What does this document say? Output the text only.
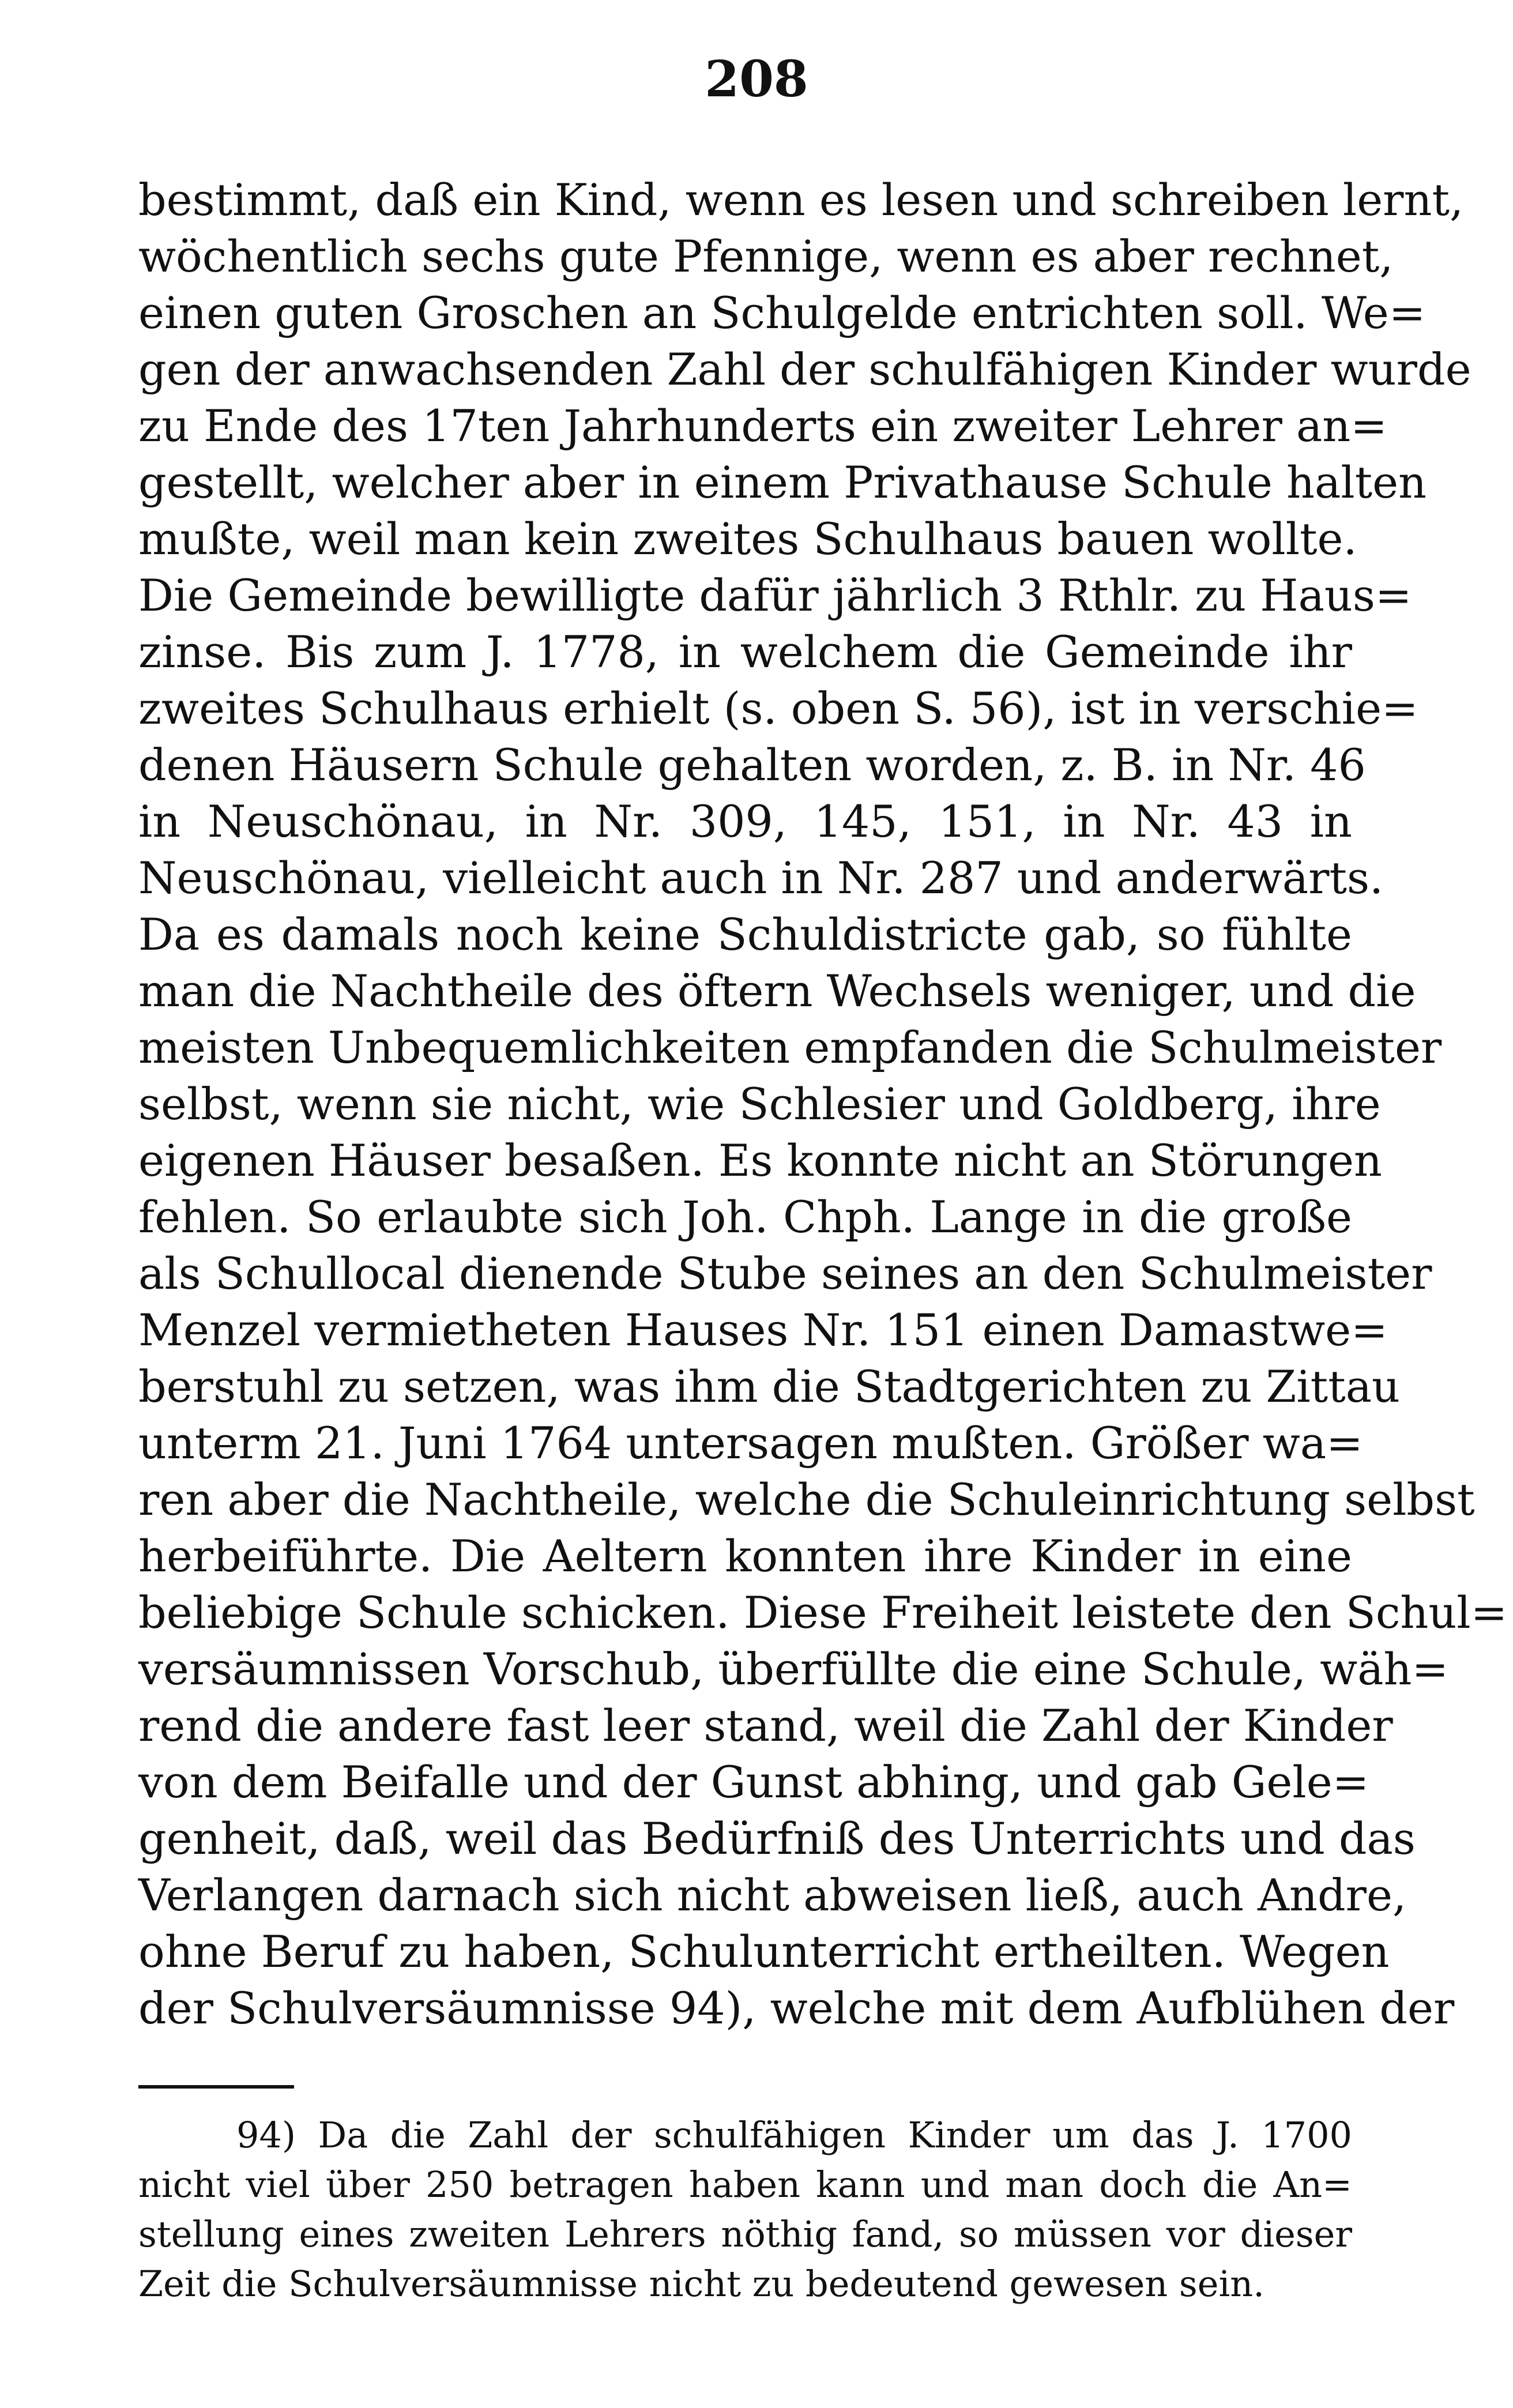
208
bestimmt, daß ein Kind, wenn es lesen und schreiben lernt,
wöchentlich sechs gute Pfennige, wenn es aber rechnet,
einen guten Groschen an Schulgelde entrichten soll. We=
gen der anwachsenden Zahl der schulfähigen Kinder wurde
zu Ende des 17ten Jahrhunderts ein zweiter Lehrer an=
gestellt, welcher aber in einem Privathause Schule halten
mußte, weil man kein zweites Schulhaus bauen wollte.
Die Gemeinde bewilligte dafür jährlich 3 Rthlr. zu Haus=
zinse. Bis zum J. 1778, in welchem die Gemeinde ihr
zweites Schulhaus erhielt (s. oben S. 56), ist in verschie=
denen Häusern Schule gehalten worden, z. B. in Nr. 46
in Neuschönau, in Nr. 309, 145, 151, in Nr. 43 in
Neuschönau, vielleicht auch in Nr. 287 und anderwärts.
Da es damals noch keine Schuldistricte gab, so fühlte
man die Nachtheile des öftern Wechsels weniger, und die
meisten Unbequemlichkeiten empfanden die Schulmeister
selbst, wenn sie nicht, wie Schlesier und Goldberg, ihre
eigenen Häuser besaßen. Es konnte nicht an Störungen
fehlen. So erlaubte sich Joh. Chph. Lange in die große
als Schullocal dienende Stube seines an den Schulmeister
Menzel vermietheten Hauses Nr. 151 einen Damastwe=
berstuhl zu setzen, was ihm die Stadtgerichten zu Zittau
unterm 21. Juni 1764 untersagen mußten. Größer wa=
ren aber die Nachtheile, welche die Schuleinrichtung selbst
herbeiführte. Die Aeltern konnten ihre Kinder in eine
beliebige Schule schicken. Diese Freiheit leistete den Schul=
versäumnissen Vorschub, überfüllte die eine Schule, wäh=
rend die andere fast leer stand, weil die Zahl der Kinder
von dem Beifalle und der Gunst abhing, und gab Gele=
genheit, daß, weil das Bedürfniß des Unterrichts und das
Verlangen darnach sich nicht abweisen ließ, auch Andre,
ohne Beruf zu haben, Schulunterricht ertheilten. Wegen
der Schulversäumnisse 94), welche mit dem Aufblühen der
94) Da die Zahl der schulfähigen Kinder um das J. 1700
nicht viel über 250 betragen haben kann und man doch die An=
stellung eines zweiten Lehrers nöthig fand, so müssen vor dieser
Zeit die Schulversäumnisse nicht zu bedeutend gewesen sein.
